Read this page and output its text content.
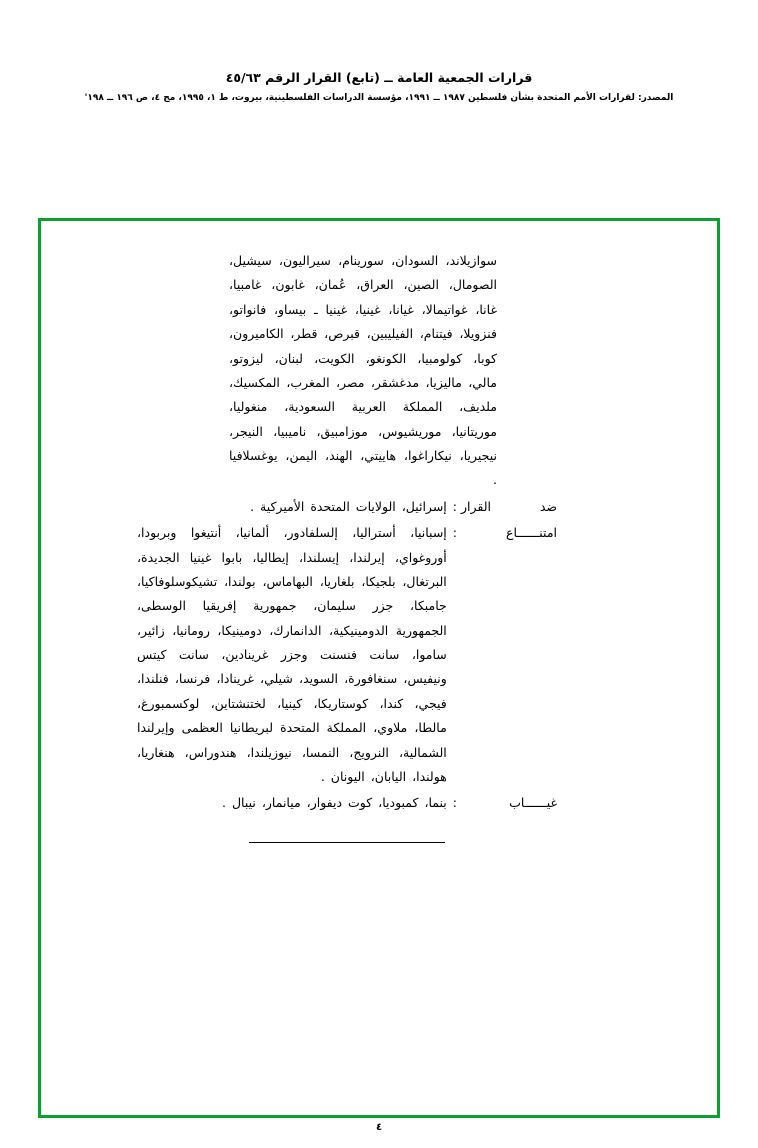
قرارات الجمعية العامة ــ (تابع) القرار الرقم ٤٥/٦٣
المصدر: لقرارات الأمم المتحدة بشأن فلسطين ١٩٨٧ ــ ١٩٩١، مؤسسة الدراسات الفلسطينية، بيروت، ط ١، ١٩٩٥، مج ٤، ص ١٩٦ ــ ١٩٨'
سوازيلاند، السودان، سورينام، سيراليون، سيشيل، الصومال، الصين، العراق، عُمان، غابون، غامبيا، غانا، غواتيمالا، غيانا، غينيا، غينيا ـ بيساو، فانواتو، فنزويلا، فيتنام، الفيليبين، قبرص، قطر، الكاميرون، كوبا، كولومبيا، الكونغو، الكويت، لبنان، ليزوتو، مالي، ماليزيا، مدغشقر، مصر، المغرب، المكسيك، ملديف، المملكة العربية السعودية، منغوليا، موريتانيا، موريشيوس، موزامبيق، ناميبيا، النيجر، نيجيريا، نيكاراغوا، هاييتي، الهند، اليمن، يوغسلافيا .
ضد القرار
:
إسرائيل، الولايات المتحدة الأميركية .
امتنــــــاع
:
إسبانيا، أستراليا، إلسلفادور، ألمانيا، أنتيغوا وبربودا، أوروغواي، إيرلندا، إيسلندا، إيطاليا، بابوا غينيا الجديدة، البرتغال، بلجيكا، بلغاريا، البهاماس، بولندا، تشيكوسلوفاكيا، جامبكا، جزر سليمان، جمهورية إفريقيا الوسطى، الجمهورية الدومينيكية، الدانمارك، دومينيكا، رومانيا، زائير، ساموا، سانت فنسنت وجزر غرينادين، سانت كيتس ونيفيس، سنغافورة، السويد، شيلي، غرينادا، فرنسا، فنلندا، فيجي، كندا، كوستاريكا، كينيا، لختنشتاين، لوكسمبورغ، مالطا، ملاوي، المملكة المتحدة لبريطانيا العظمى وإيرلندا الشمالية، النرويج، النمسا، نيوزيلندا، هندوراس، هنغاريا، هولندا، اليابان، اليونان .
غيــــــاب
:
بنما، كمبوديا، كوت ديفوار، ميانمار، نيبال .
٤
